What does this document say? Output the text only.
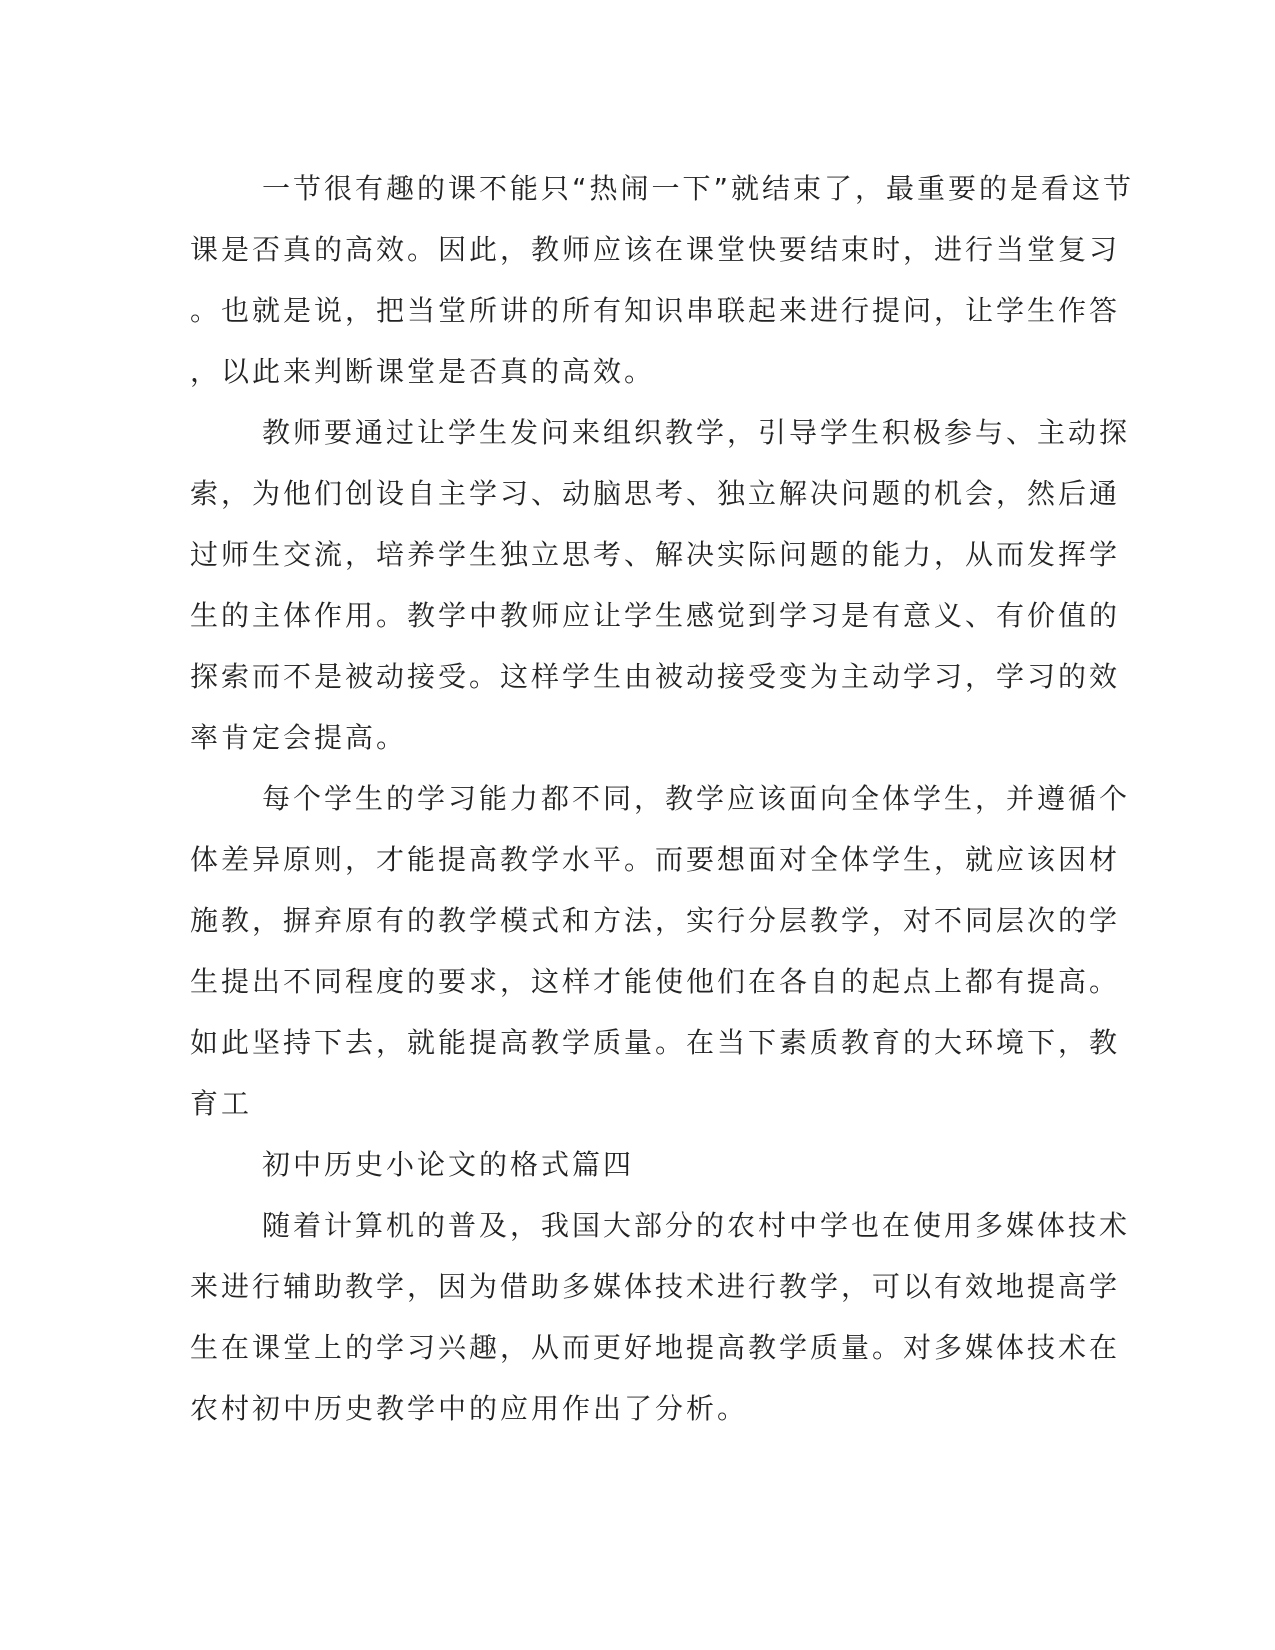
一节很有趣的课不能只“热闹一下”就结束了，最重要的是看这节
课是否真的高效。因此，教师应该在课堂快要结束时，进行当堂复习
。也就是说，把当堂所讲的所有知识串联起来进行提问，让学生作答
，以此来判断课堂是否真的高效。
教师要通过让学生发问来组织教学，引导学生积极参与、主动探
索，为他们创设自主学习、动脑思考、独立解决问题的机会，然后通
过师生交流，培养学生独立思考、解决实际问题的能力，从而发挥学
生的主体作用。教学中教师应让学生感觉到学习是有意义、有价值的
探索而不是被动接受。这样学生由被动接受变为主动学习，学习的效
率肯定会提高。
每个学生的学习能力都不同，教学应该面向全体学生，并遵循个
体差异原则，才能提高教学水平。而要想面对全体学生，就应该因材
施教，摒弃原有的教学模式和方法，实行分层教学，对不同层次的学
生提出不同程度的要求，这样才能使他们在各自的起点上都有提高。
如此坚持下去，就能提高教学质量。在当下素质教育的大环境下，教
育工
初中历史小论文的格式篇四
随着计算机的普及，我国大部分的农村中学也在使用多媒体技术
来进行辅助教学，因为借助多媒体技术进行教学，可以有效地提高学
生在课堂上的学习兴趣，从而更好地提高教学质量。对多媒体技术在
农村初中历史教学中的应用作出了分析。
